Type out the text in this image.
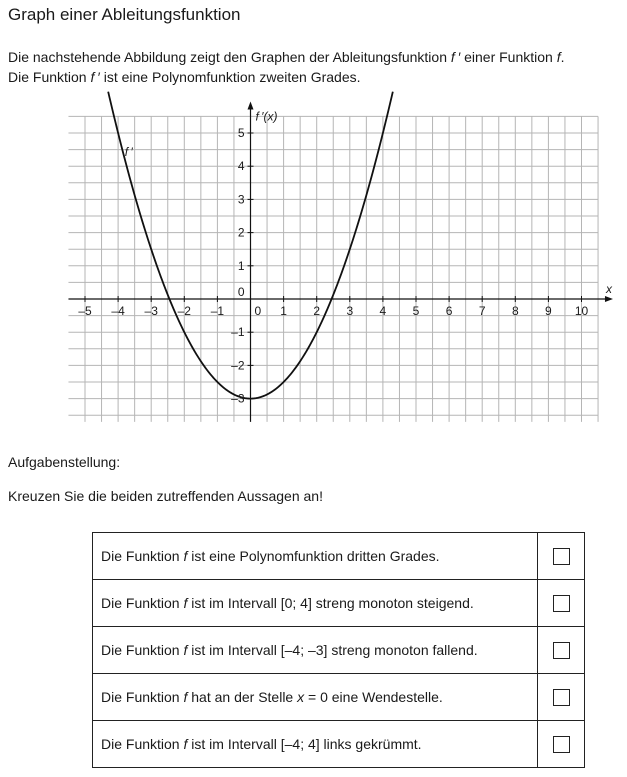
Graph einer Ableitungsfunktion
Die nachstehende Abbildung zeigt den Graphen der Ableitungsfunktion f ′ einer Funktion f.
Die Funktion f ′ ist eine Polynomfunktion zweiten Grades.
–5 –4 –3 –2 –1	0 1 2 3 4 5 6 7 8 9 10
–3
–2
–1
0
1
2
3
4
5
x
f ′(x)
f ′
Aufgabenstellung:
Kreuzen Sie die beiden zutreffenden Aussagen an!
Die Funktion f ist eine Polynomfunktion dritten Grades.	
Die Funktion f ist im Intervall [0; 4] streng monoton steigend.	
Die Funktion f ist im Intervall [–4; –3] streng monoton fallend.	
Die Funktion f hat an der Stelle x = 0 eine Wendestelle.	
Die Funktion f ist im Intervall [–4; 4] links gekrümmt.	
